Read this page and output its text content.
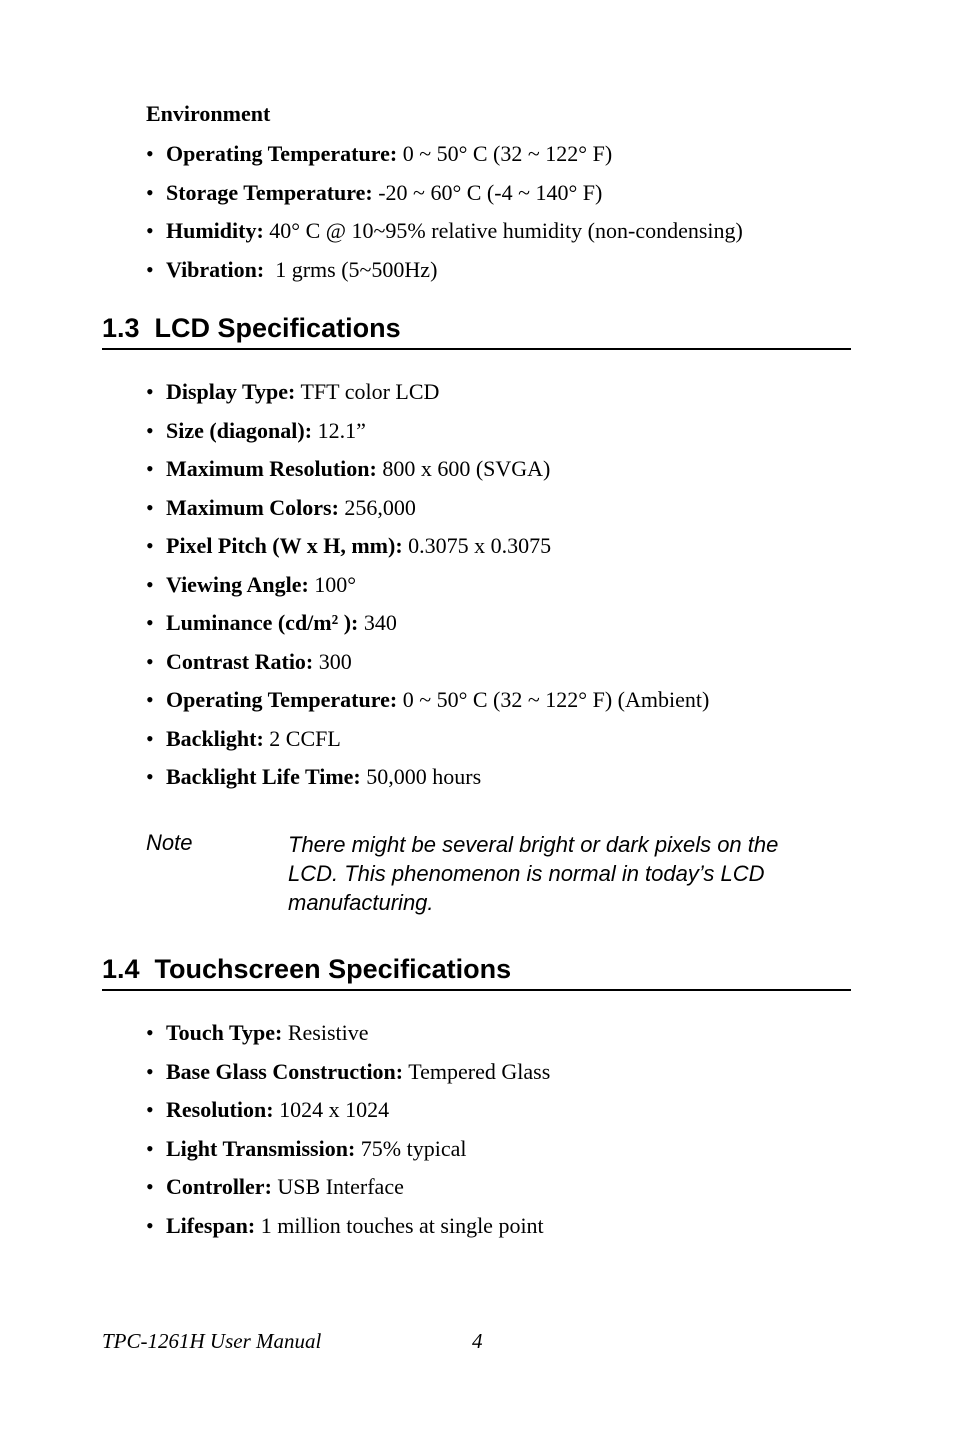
Environment
• Operating Temperature: 0 ~ 50° C (32 ~ 122° F)
• Storage Temperature: -20 ~ 60° C (-4 ~ 140° F)
• Humidity: 40° C @ 10~95% relative humidity (non-condensing)
• Vibration:  1 grms (5~500Hz)
1.3  LCD Specifications
• Display Type: TFT color LCD
• Size (diagonal): 12.1”
• Maximum Resolution: 800 x 600 (SVGA)
• Maximum Colors: 256,000
• Pixel Pitch (W x H, mm): 0.3075 x 0.3075
• Viewing Angle: 100°
• Luminance (cd/m² ): 340
• Contrast Ratio: 300
• Operating Temperature: 0 ~ 50° C (32 ~ 122° F) (Ambient)
• Backlight: 2 CCFL
• Backlight Life Time: 50,000 hours
Note	There might be several bright or dark pixels on the LCD. This phenomenon is normal in today’s LCD manufacturing.
1.4  Touchscreen Specifications
• Touch Type: Resistive
• Base Glass Construction: Tempered Glass
• Resolution: 1024 x 1024
• Light Transmission: 75% typical
• Controller: USB Interface
• Lifespan: 1 million touches at single point
TPC-1261H User Manual	4
